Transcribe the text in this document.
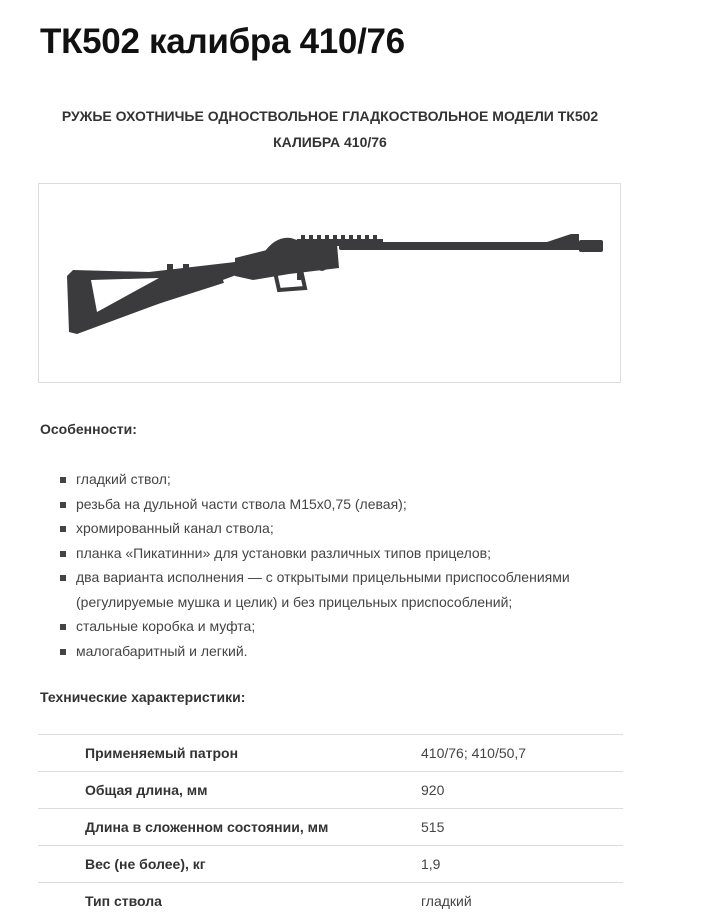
ТК502 калибра 410/76
РУЖЬЕ ОХОТНИЧЬЕ ОДНОСТВОЛЬНОЕ ГЛАДКОСТВОЛЬНОЕ МОДЕЛИ ТК502
КАЛИБРА 410/76
Особенности:
гладкий ствол;
резьба на дульной части ствола М15х0,75 (левая);
хромированный канал ствола;
планка «Пикатинни» для установки различных типов прицелов;
два варианта исполнения — с открытыми прицельными приспособлениями (регулируемые мушка и целик) и без прицельных приспособлений;
стальные коробка и муфта;
малогабаритный и легкий.
Технические характеристики:
Применяемый патрон	410/76; 410/50,7
Общая длина, мм	920
Длина в сложенном состоянии, мм	515
Вес (не более), кг	1,9
Тип ствола	гладкий
